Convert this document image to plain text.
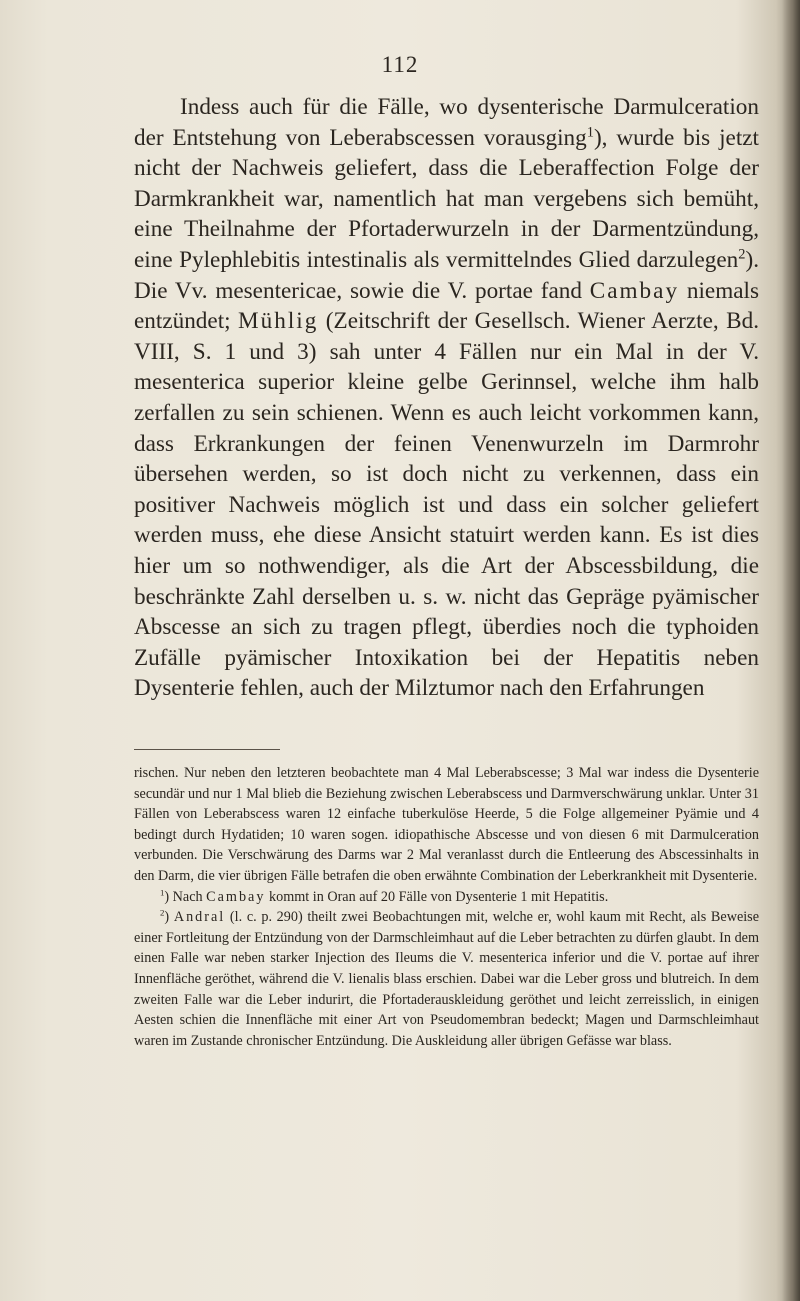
112

Indess auch für die Fälle, wo dysenterische Darmulceration der Entstehung von Leberabscessen vorausging$^1$), wurde bis jetzt nicht der Nachweis geliefert, dass die Leberaffection Folge der Darmkrankheit war, namentlich hat man vergebens sich bemüht, eine Theilnahme der Pfortaderwurzeln in der Darmentzündung, eine Pylephlebitis intestinalis als vermittelndes Glied darzulegen$^2$). Die Vv. mesentericae, sowie die V. portae fand Cambay niemals entzündet; Mühlig (Zeitschrift der Gesellsch. Wiener Aerzte, Bd. VIII, S. 1 und 3) sah unter 4 Fällen nur ein Mal in der V. mesenterica superior kleine gelbe Gerinnsel, welche ihm halb zerfallen zu sein schienen. Wenn es auch leicht vorkommen kann, dass Erkrankungen der feinen Venenwurzeln im Darmrohr übersehen werden, so ist doch nicht zu verkennen, dass ein positiver Nachweis möglich ist und dass ein solcher geliefert werden muss, ehe diese Ansicht statuirt werden kann. Es ist dies hier um so nothwendiger, als die Art der Abscessbildung, die beschränkte Zahl derselben u. s. w. nicht das Gepräge pyämischer Abscesse an sich zu tragen pflegt, überdies noch die typhoiden Zufälle pyämischer Intoxikation bei der Hepatitis neben Dysenterie fehlen, auch der Milztumor nach den Erfahrungen

rischen. Nur neben den letzteren beobachtete man 4 Mal Leberabscesse; 3 Mal war indess die Dysenterie secundär und nur 1 Mal blieb die Beziehung zwischen Leberabscess und Darmverschwärung unklar. Unter 31 Fällen von Leberabscess waren 12 einfache tuberkulöse Heerde, 5 die Folge allgemeiner Pyämie und 4 bedingt durch Hydatiden; 10 waren sogen. idiopathische Abscesse und von diesen 6 mit Darmulceration verbunden. Die Verschwärung des Darms war 2 Mal veranlasst durch die Entleerung des Abscessinhalts in den Darm, die vier übrigen Fälle betrafen die oben erwähnte Combination der Leberkrankheit mit Dysenterie.

$^1$) Nach Cambay kommt in Oran auf 20 Fälle von Dysenterie 1 mit Hepatitis.

$^2$) Andral (l. c. p. 290) theilt zwei Beobachtungen mit, welche er, wohl kaum mit Recht, als Beweise einer Fortleitung der Entzündung von der Darmschleimhaut auf die Leber betrachten zu dürfen glaubt. In dem einen Falle war neben starker Injection des Ileums die V. mesenterica inferior und die V. portae auf ihrer Innenfläche geröthet, während die V. lienalis blass erschien. Dabei war die Leber gross und blutreich. In dem zweiten Falle war die Leber indurirt, die Pfortaderauskleidung geröthet und leicht zerreisslich, in einigen Aesten schien die Innenfläche mit einer Art von Pseudomembran bedeckt; Magen und Darmschleimhaut waren im Zustande chronischer Entzündung. Die Auskleidung aller übrigen Gefässe war blass.
